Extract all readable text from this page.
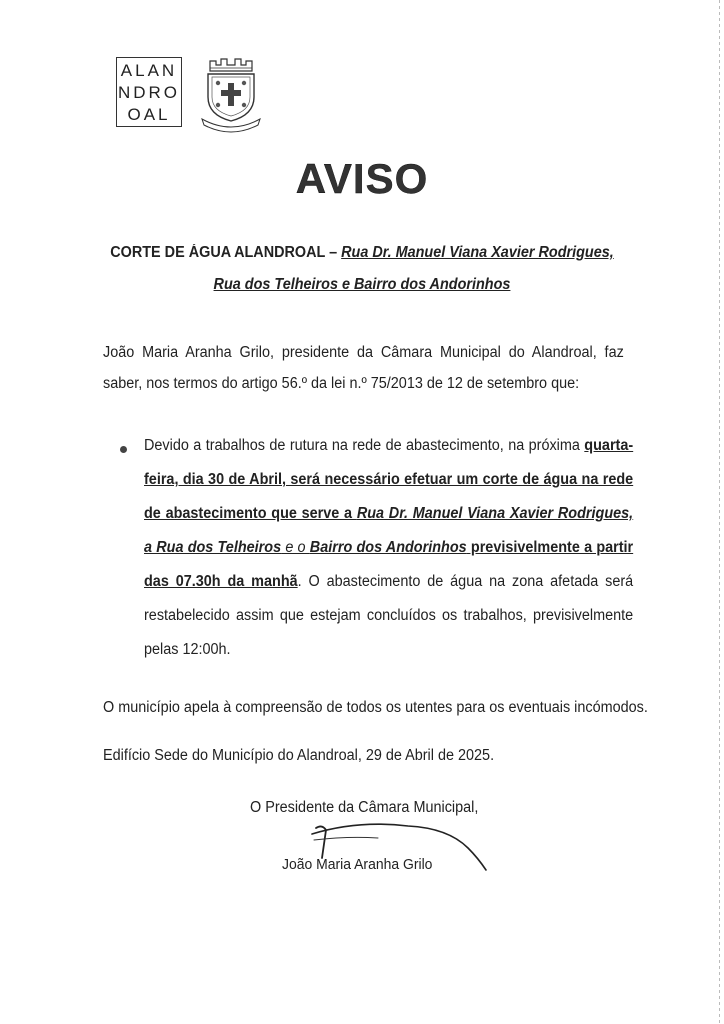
ALAN
NDRO
OAL
AVISO
CORTE DE ÁGUA ALANDROAL – Rua Dr. Manuel Viana Xavier Rodrigues,
Rua dos Telheiros e Bairro dos Andorinhos
João Maria Aranha Grilo, presidente da Câmara Municipal do Alandroal, faz saber, nos termos do artigo 56.º da lei n.º 75/2013 de 12 de setembro que:
Devido a trabalhos de rutura na rede de abastecimento, na próxima quarta-feira, dia 30 de Abril, será necessário efetuar um corte de água na rede de abastecimento que serve a Rua Dr. Manuel Viana Xavier Rodrigues, a Rua dos Telheiros e o Bairro dos Andorinhos previsivelmente a partir das 07.30h da manhã. O abastecimento de água na zona afetada será restabelecido assim que estejam concluídos os trabalhos, previsivelmente pelas 12:00h.
O município apela à compreensão de todos os utentes para os eventuais incómodos.
Edifício Sede do Município do Alandroal, 29 de Abril de 2025.
O Presidente da Câmara Municipal,
João Maria Aranha Grilo
